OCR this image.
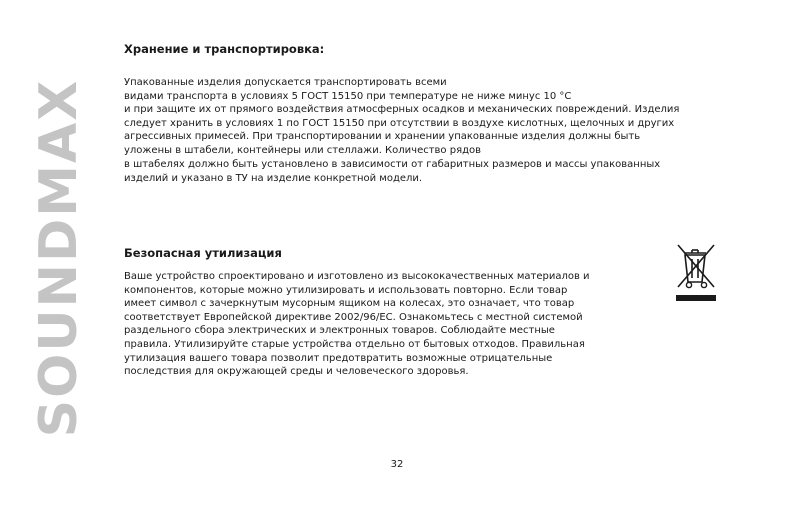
SOUNDMAX
Хранение и транспортировка:
Упакованные изделия допускается транспортировать всеми
видами транспорта в условиях 5 ГОСТ 15150 при температуре не ниже минус 10 °С
и при защите их от прямого воздействия атмосферных осадков и механических повреждений. Изделия
следует хранить в условиях 1 по ГОСТ 15150 при отсутствии в воздухе кислотных, щелочных и других
агрессивных примесей. При транспортировании и хранении упакованные изделия должны быть
уложены в штабели, контейнеры или стеллажи. Количество рядов
в штабелях должно быть установлено в зависимости от габаритных размеров и массы упакованных
изделий и указано в ТУ на изделие конкретной модели.
Безопасная утилизация
Ваше устройство спроектировано и изготовлено из высококачественных материалов и
компонентов, которые можно утилизировать и использовать повторно. Если товар
имеет символ с зачеркнутым мусорным ящиком на колесах, это означает, что товар
соответствует Европейской директиве 2002/96/EC. Ознакомьтесь с местной системой
раздельного сбора электрических и электронных товаров. Соблюдайте местные
правила. Утилизируйте старые устройства отдельно от бытовых отходов. Правильная
утилизация вашего товара позволит предотвратить возможные отрицательные
последствия для окружающей среды и человеческого здоровья.
32
